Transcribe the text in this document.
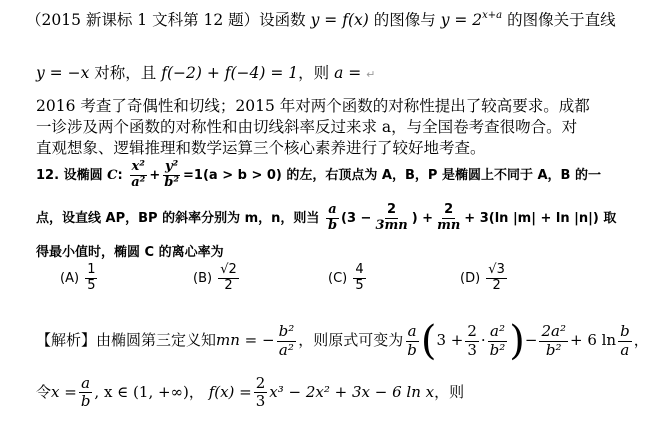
（2015 新课标 1 文科第 12 题）设函数 y = f(x) 的图像与 $y = 2^{x+a}$ 的图像关于直线
y = −x 对称，且 f(−2) + f(−4) = 1，则 a = ↵
2016 考查了奇偶性和切线；2015 年对两个函数的对称性提出了较高要求。成都
一诊涉及两个函数的对称性和由切线斜率反过来求 a，与全国卷考查很吻合。对
直观想象、逻辑推理和数学运算三个核心素养进行了较好地考查。
12. 设椭圆 C: $\frac{\text{x²}}{\text{a²}} + \frac{\text{y²}}{\text{b²}} =1(a > b > 0)$ 的左，右顶点为 A，B，P 是椭圆上不同于 A，B 的一
点，设直线 AP，BP 的斜率分别为 m，n，则当 $\frac{a}{b} (3 - \frac{2}{3mn}$ ) + $\frac{2}{mn} + 3(\ln$ |m| + ln |n|) 取
得最小值时，椭圆 C 的离心率为
$(A) \frac{1}{5}$	$(B) \frac{√2}{2}$	$(C) \frac{4}{5}$	$(D) \frac{√3}{2}$
【解析】由椭圆第三定义知mn = − $\frac{\text{b²}}{\text{a²}}$ ，则原式可变为 $\frac{a}{b} (3 + \frac{2}{3} \cdot \frac{\text{a²}}{\text{b²}}$ )− $\frac{\text{2a²}}{\text{b²}} + 6$ $\ln \frac{b}{a}$ ，
令$x = \frac{a}{b}$ , x ∈ (1, +∞)， $f(x) = \frac{2}{3} x^3 - 2x^2 + 3x - 6$ ln x，则
